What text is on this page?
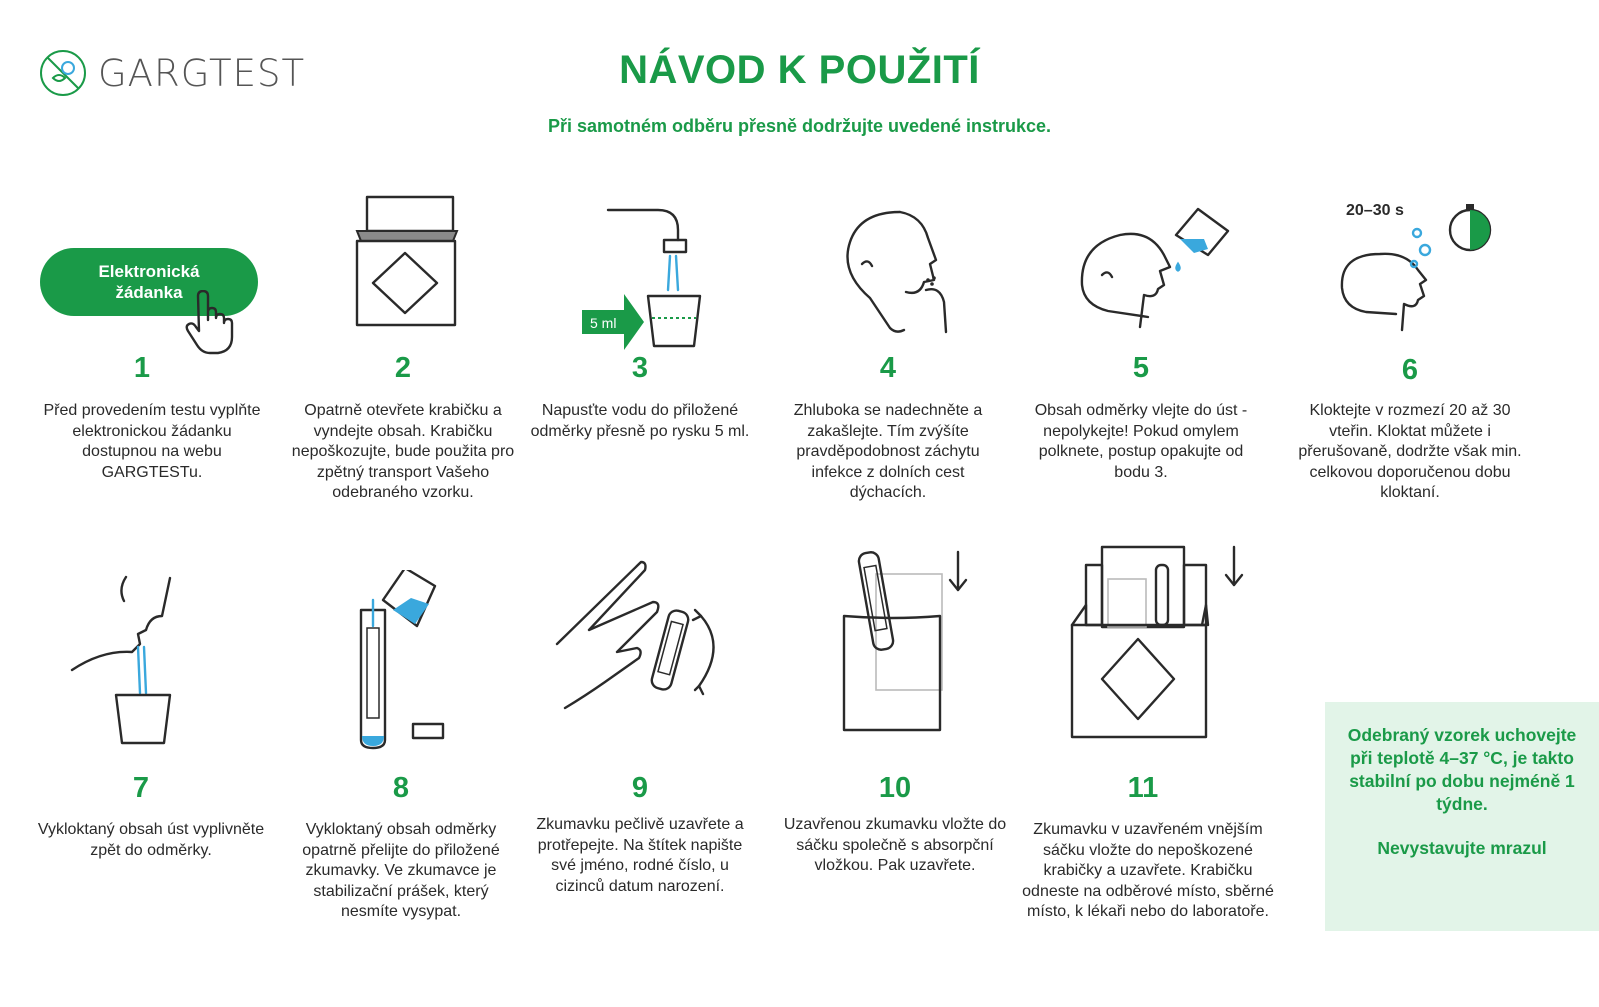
GARGTEST	NÁVOD K POUŽITÍ
Při samotném odběru přesně dodržujte uvedené instrukce.
Elektronická žádanka
1
Před provedením testu vyplňte elektronickou žádanku dostupnou na webu GARGTESTu.
2
Opatrně otevřete krabičku a vyndejte obsah. Krabičku nepoškozujte, bude použita pro zpětný transport Vašeho odebraného vzorku.
5 ml
3
Napusťte vodu do přiložené odměrky přesně po rysku 5 ml.
4
Zhluboka se nadechněte a zakašlejte. Tím zvýšíte pravděpodobnost záchytu infekce z dolních cest dýchacích.
5
Obsah odměrky vlejte do úst - nepolykejte! Pokud omylem polknete, postup opakujte od bodu 3.
20–30 s
6
Kloktejte v rozmezí 20 až 30 vteřin. Kloktat můžete i přerušovaně, dodržte však min. celkovou doporučenou dobu kloktaní.
7
Vykloktaný obsah úst vyplivněte zpět do odměrky.
8
Vykloktaný obsah odměrky opatrně přelijte do přiložené zkumavky. Ve zkumavce je stabilizační prášek, který nesmíte vysypat.
9
Zkumavku pečlivě uzavřete a protřepejte. Na štítek napište své jméno, rodné číslo, u cizinců datum narození.
10
Uzavřenou zkumavku vložte do sáčku společně s absorpční vložkou. Pak uzavřete.
11
Zkumavku v uzavřeném vnějším sáčku vložte do nepoškozené krabičky a uzavřete. Krabičku odneste na odběrové místo, sběrné místo, k lékaři nebo do laboratoře.

Odebraný vzorek uchovejte při teplotě 4–37 °C, je takto stabilní po dobu nejméně 1 týdne.

Nevystavujte mrazul
